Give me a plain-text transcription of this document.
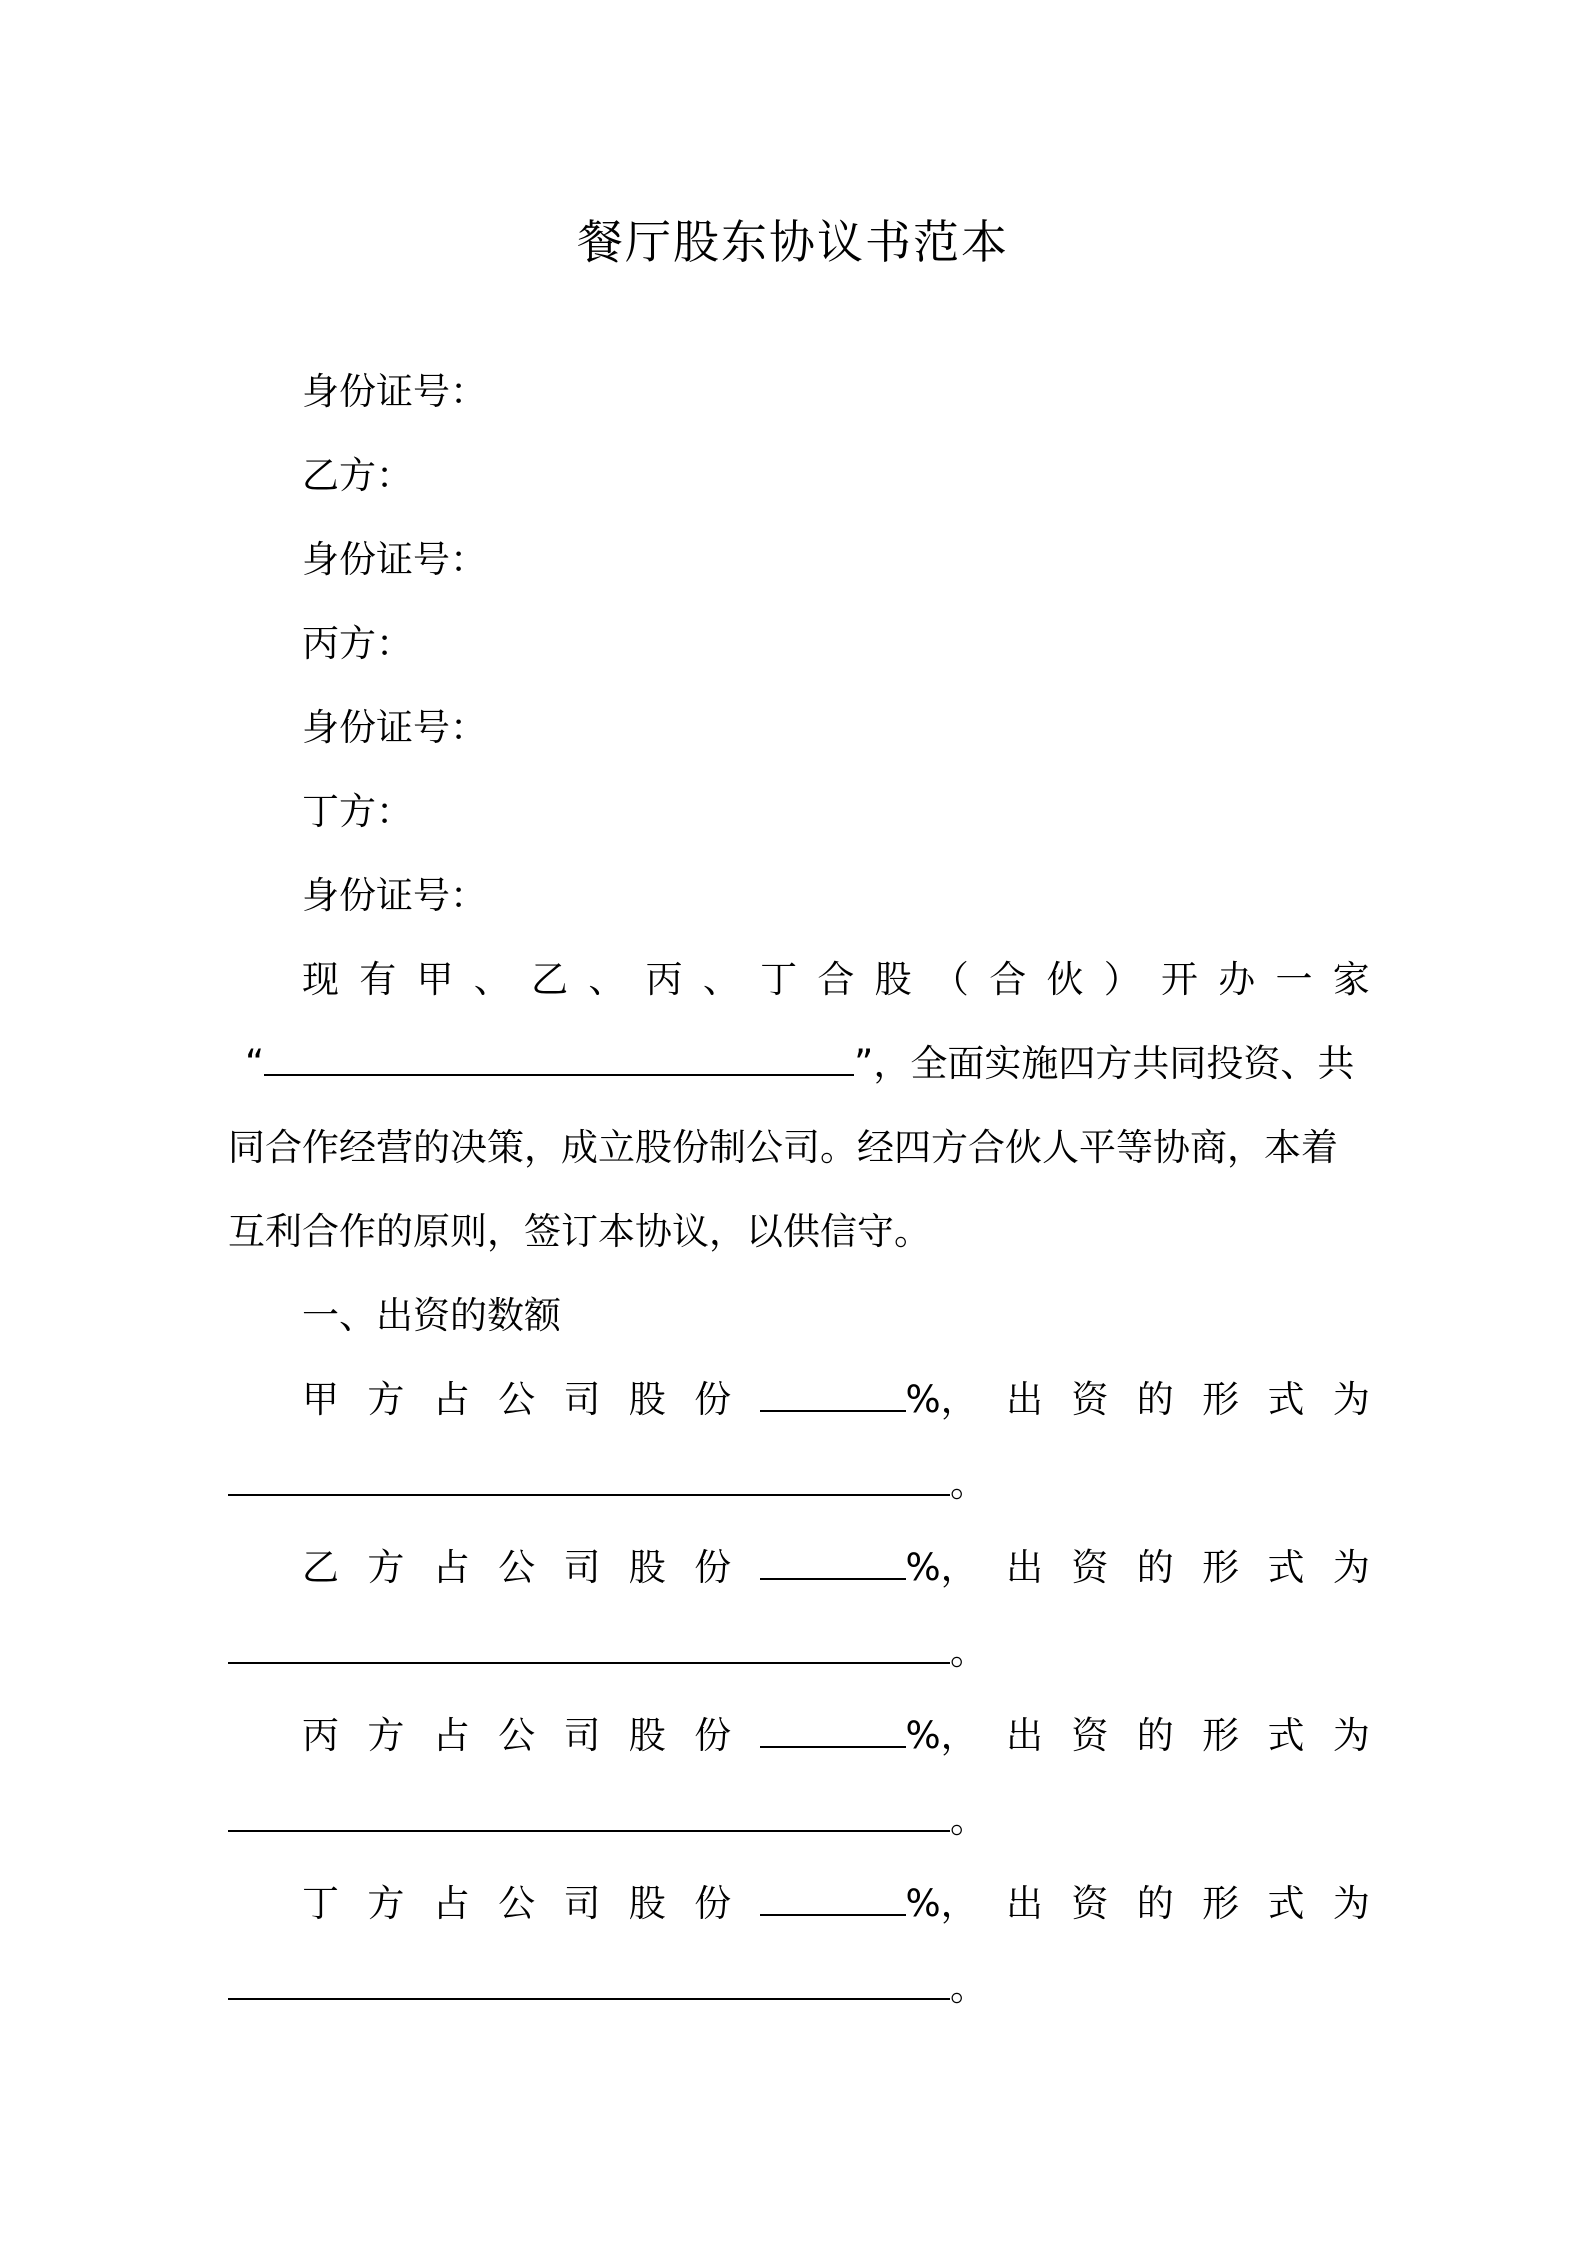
餐厅股东协议书范本
身份证号：
乙方：
身份证号：
丙方：
身份证号：
丁方：
身份证号：
现 有 甲 、 乙 、 丙 、 丁 合 股 （ 合 伙 ） 开 办 一 家
“	”，全面实施四方共同投资、共
同合作经营的决策，成立股份制公司。经四方合伙人平等协商，本着
互利合作的原则，签订本协议，以供信守。
一、出资的数额
甲 方 占 公 司 股 份	%， 出 资 的 形 式 为
。
乙 方 占 公 司 股 份	%， 出 资 的 形 式 为
。
丙 方 占 公 司 股 份	%， 出 资 的 形 式 为
。
丁 方 占 公 司 股 份	%， 出 资 的 形 式 为
。
